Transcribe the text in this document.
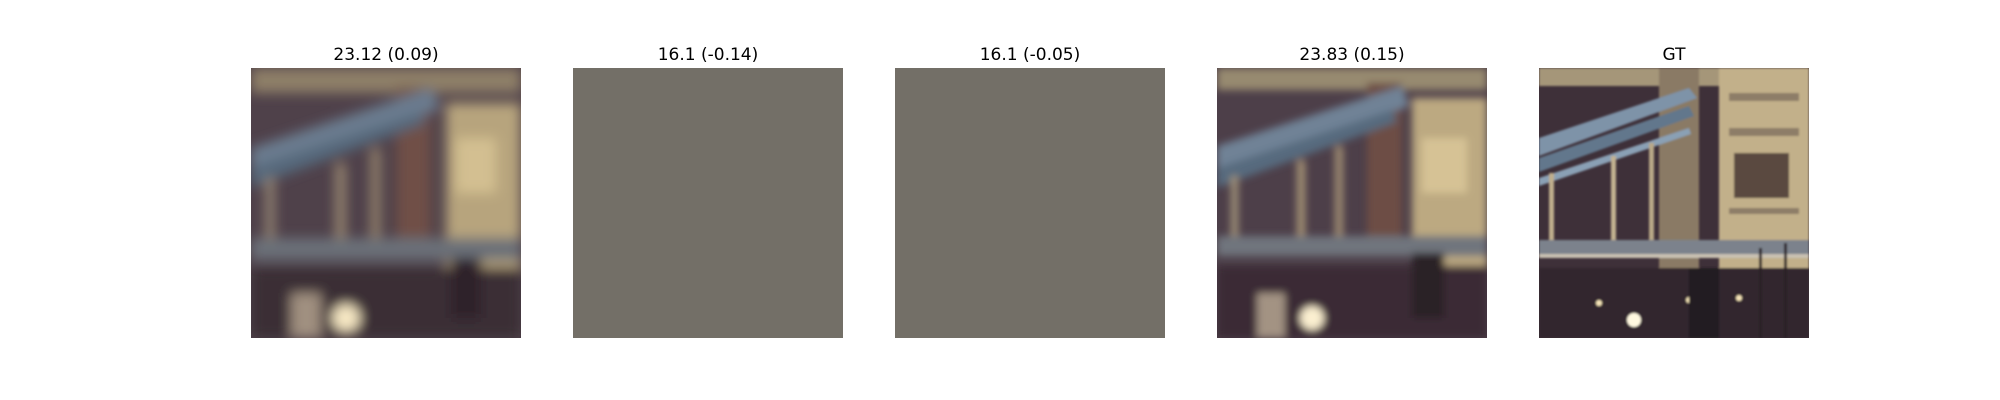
23.12 (0.09)	16.1 (-0.14)	16.1 (-0.05)	23.83 (0.15)	GT
